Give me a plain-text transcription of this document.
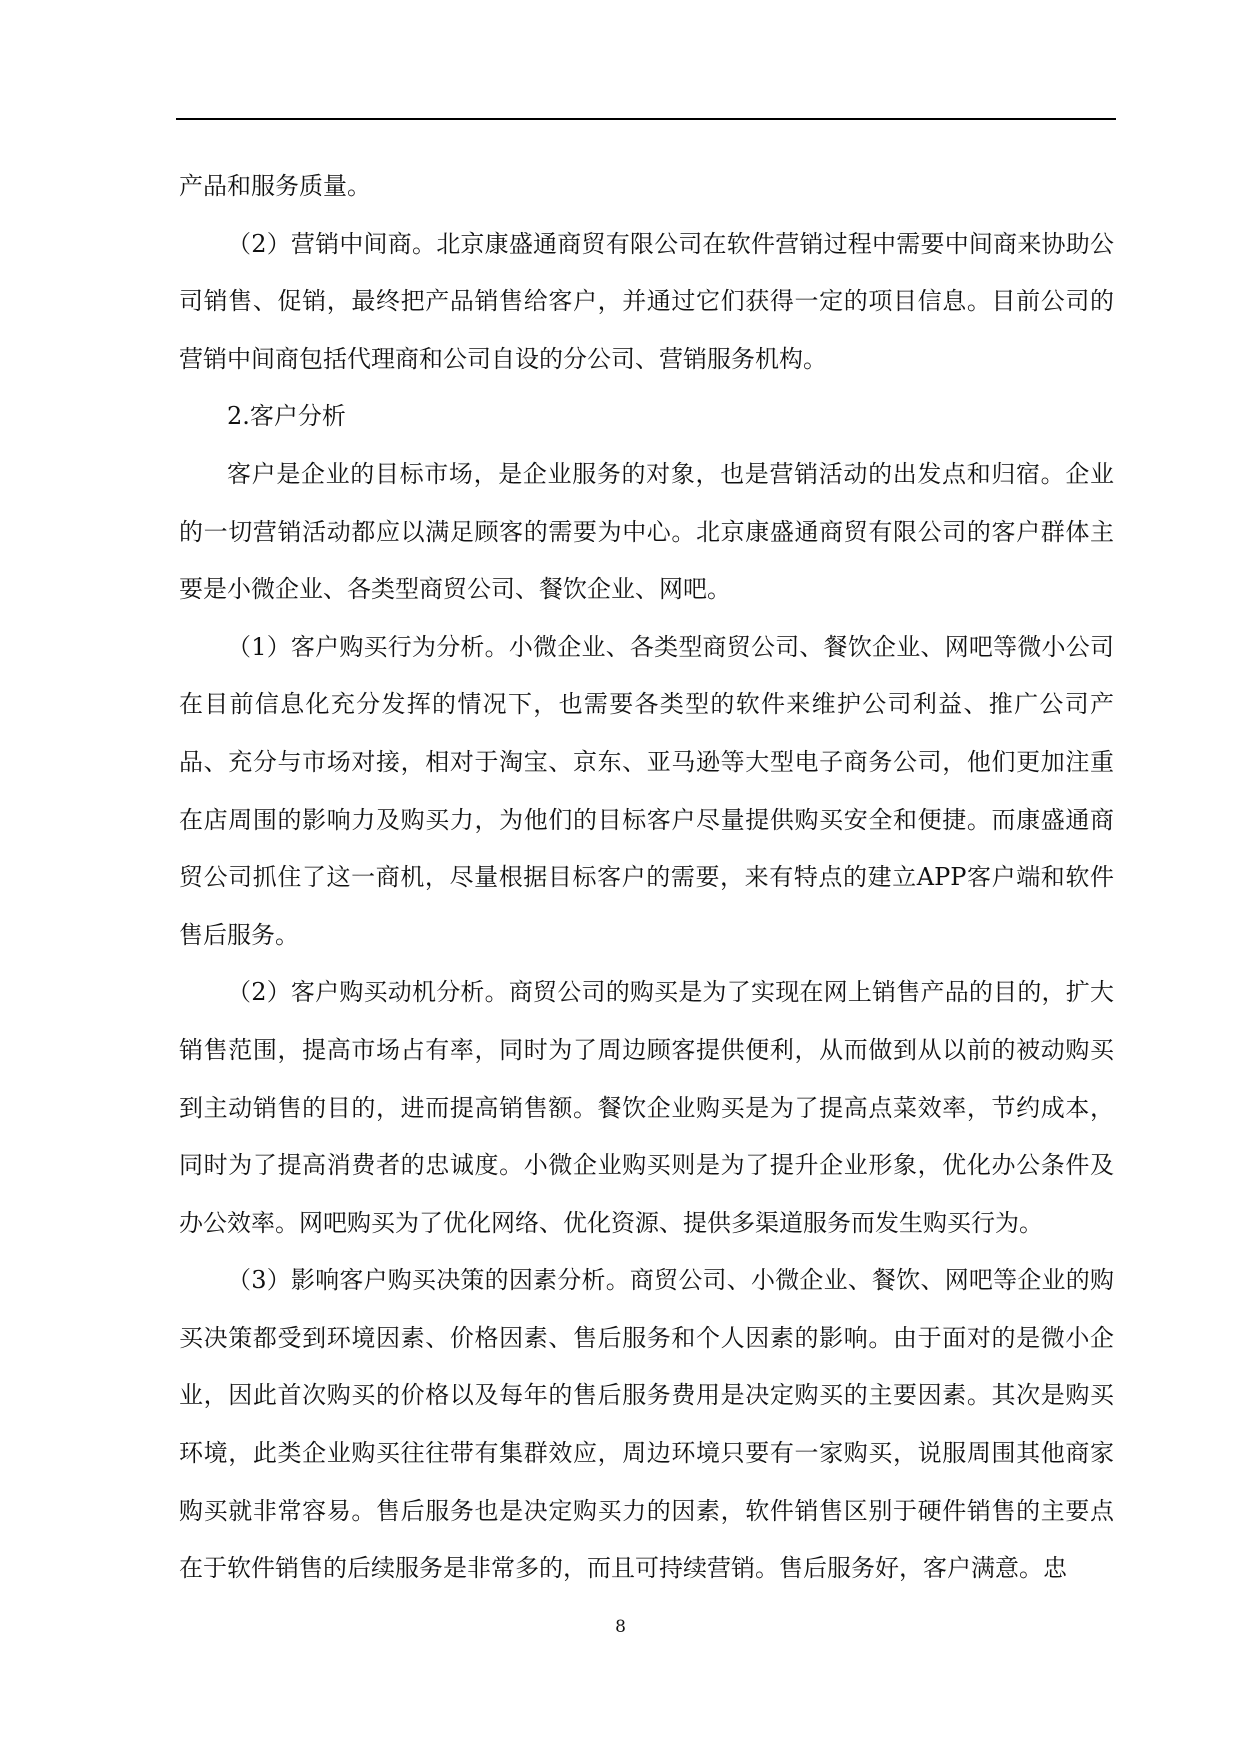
产品和服务质量。

（2）营销中间商。北京康盛通商贸有限公司在软件营销过程中需要中间商来协助公司销售、促销，最终把产品销售给客户，并通过它们获得一定的项目信息。目前公司的营销中间商包括代理商和公司自设的分公司、营销服务机构。

2.客户分析

客户是企业的目标市场，是企业服务的对象，也是营销活动的出发点和归宿。企业的一切营销活动都应以满足顾客的需要为中心。北京康盛通商贸有限公司的客户群体主要是小微企业、各类型商贸公司、餐饮企业、网吧。

（1）客户购买行为分析。小微企业、各类型商贸公司、餐饮企业、网吧等微小公司在目前信息化充分发挥的情况下，也需要各类型的软件来维护公司利益、推广公司产品、充分与市场对接，相对于淘宝、京东、亚马逊等大型电子商务公司，他们更加注重在店周围的影响力及购买力，为他们的目标客户尽量提供购买安全和便捷。而康盛通商贸公司抓住了这一商机，尽量根据目标客户的需要，来有特点的建立APP客户端和软件售后服务。

（2）客户购买动机分析。商贸公司的购买是为了实现在网上销售产品的目的，扩大销售范围，提高市场占有率，同时为了周边顾客提供便利，从而做到从以前的被动购买到主动销售的目的，进而提高销售额。餐饮企业购买是为了提高点菜效率，节约成本，同时为了提高消费者的忠诚度。小微企业购买则是为了提升企业形象，优化办公条件及办公效率。网吧购买为了优化网络、优化资源、提供多渠道服务而发生购买行为。

（3）影响客户购买决策的因素分析。商贸公司、小微企业、餐饮、网吧等企业的购买决策都受到环境因素、价格因素、售后服务和个人因素的影响。由于面对的是微小企业，因此首次购买的价格以及每年的售后服务费用是决定购买的主要因素。其次是购买环境，此类企业购买往往带有集群效应，周边环境只要有一家购买，说服周围其他商家购买就非常容易。售后服务也是决定购买力的因素，软件销售区别于硬件销售的主要点在于软件销售的后续服务是非常多的，而且可持续营销。售后服务好，客户满意。忠

8
